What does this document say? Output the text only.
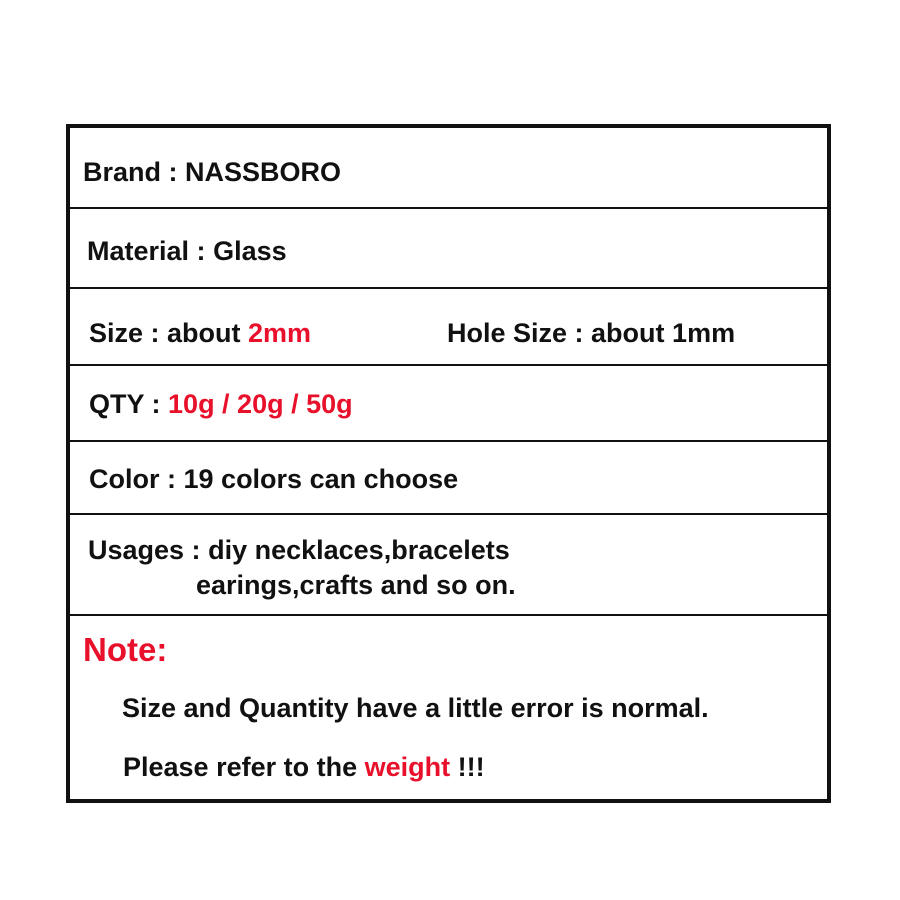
Brand : NASSBORO
Material : Glass
Size : about 2mm	Hole Size : about 1mm
QTY : 10g / 20g / 50g
Color : 19 colors can choose
Usages : diy necklaces,bracelets
earings,crafts and so on.
Note:
Size and Quantity have a little error is normal.
Please refer to the weight !!!
